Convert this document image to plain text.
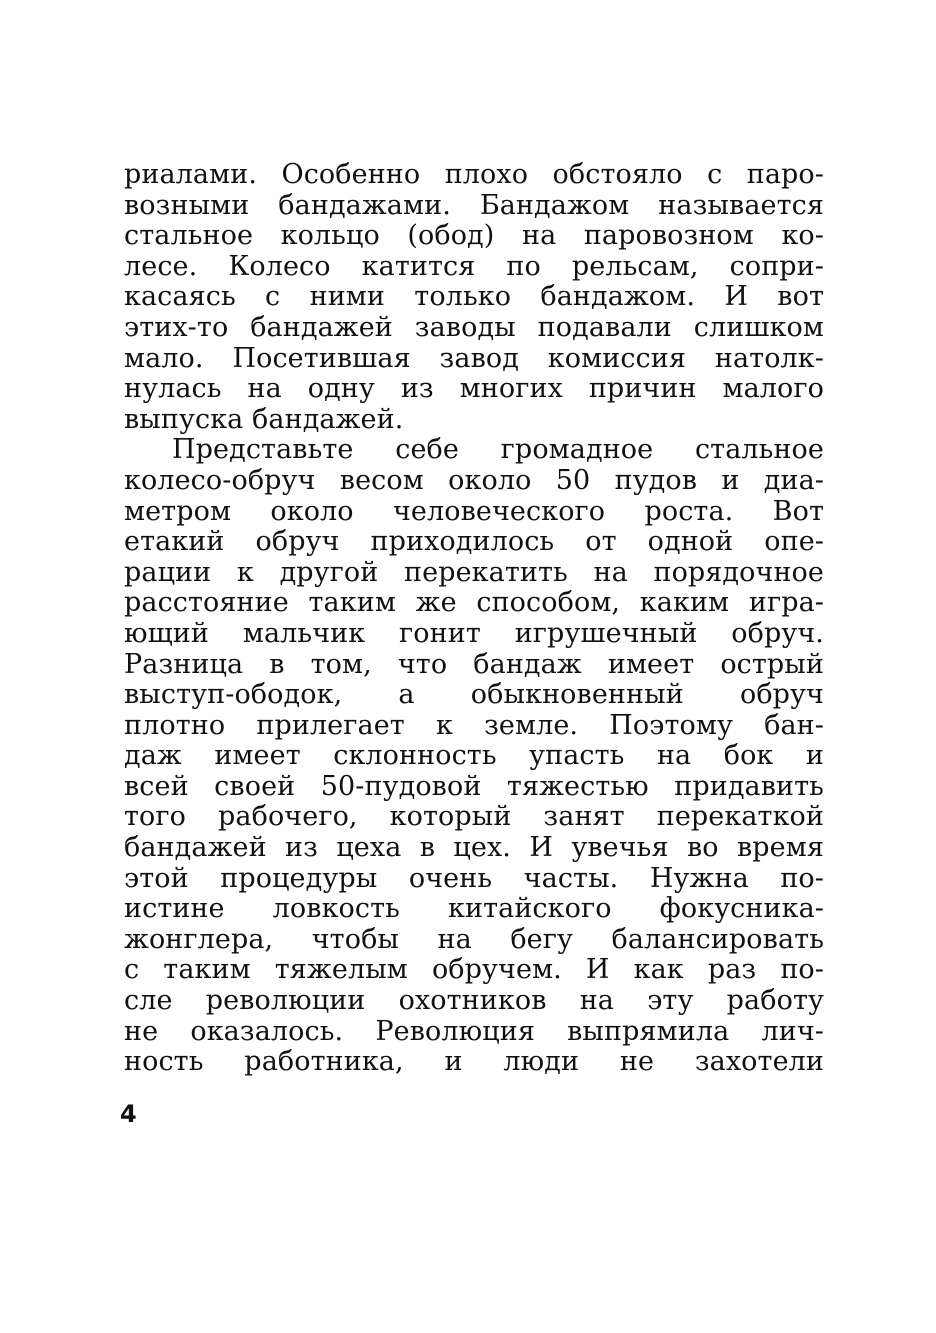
риалами. Особенно плохо обстояло с паро-
возными бандажами. Бандажом называется
стальное кольцо (обод) на паровозном ко-
лесе. Колесо катится по рельсам, сопри-
касаясь с ними только бандажом. И вот
этих-то бандажей заводы подавали слишком
мало. Посетившая завод комиссия натолк-
нулась на одну из многих причин малого
выпуска бандажей.
Представьте себе громадное стальное
колесо-обруч весом около 50 пудов и диа-
метром около человеческого роста. Вот
етакий обруч приходилось от одной опе-
рации к другой перекатить на порядочное
расстояние таким же способом, каким игра-
ющий мальчик гонит игрушечный обруч.
Разница в том, что бандаж имеет острый
выступ-ободок, а обыкновенный обруч
плотно прилегает к земле. Поэтому бан-
даж имеет склонность упасть на бок и
всей своей 50-пудовой тяжестью придавить
того рабочего, который занят перекаткой
бандажей из цеха в цех. И увечья во время
этой процедуры очень часты. Нужна по-
истине ловкость китайского фокусника-
жонглера, чтобы на бегу балансировать
с таким тяжелым обручем. И как раз по-
сле революции охотников на эту работу
не оказалось. Революция выпрямила лич-
ность работника, и люди не захотели
4
